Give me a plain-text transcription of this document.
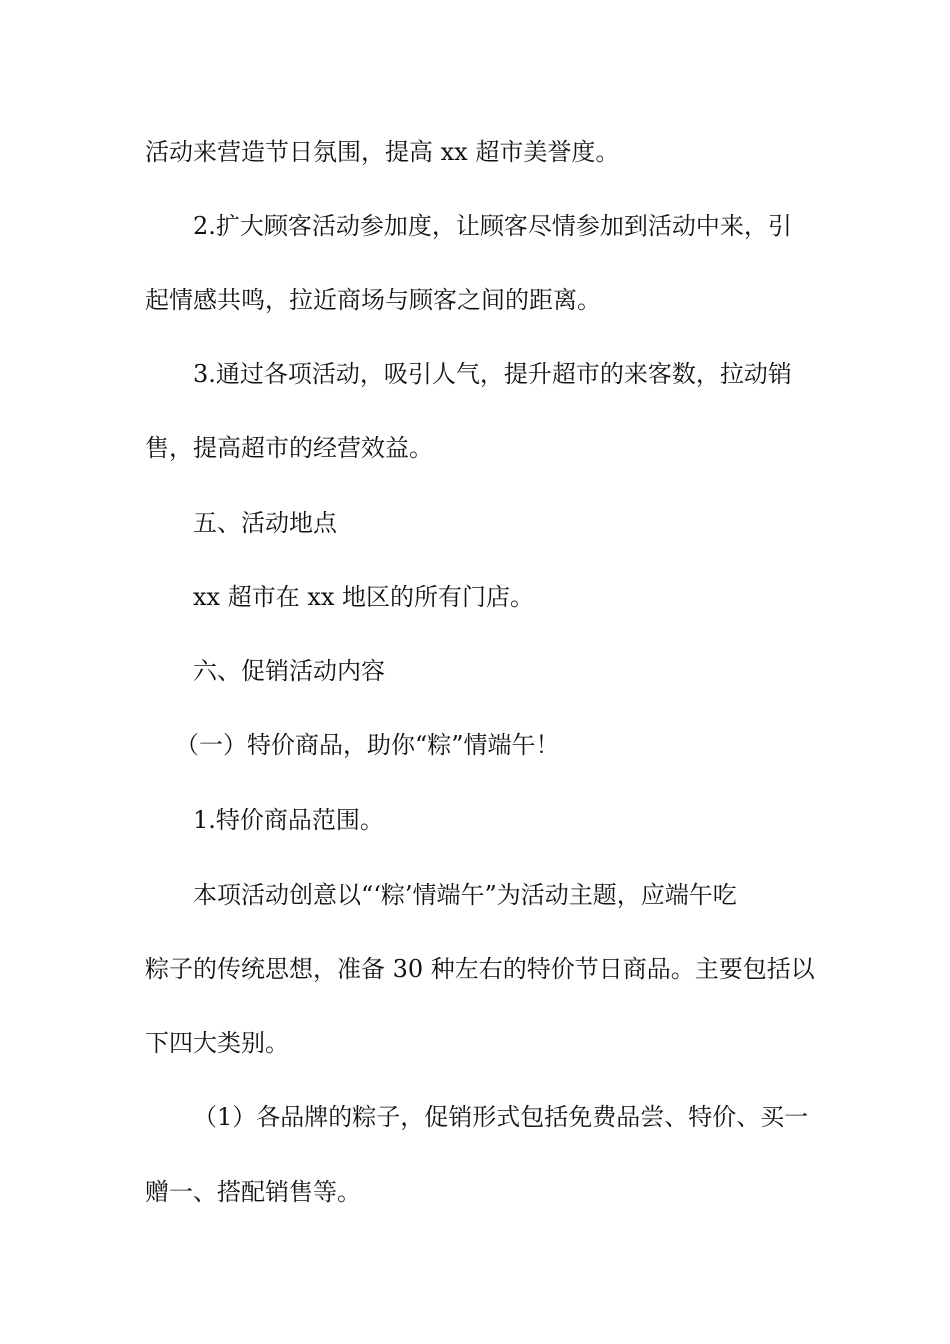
活动来营造节日氛围，提高 xx 超市美誉度。
2.扩大顾客活动参加度，让顾客尽情参加到活动中来，引
起情感共鸣，拉近商场与顾客之间的距离。
3.通过各项活动，吸引人气，提升超市的来客数，拉动销
售，提高超市的经营效益。
五、活动地点
xx 超市在 xx 地区的所有门店。
六、促销活动内容
（一）特价商品，助你“粽”情端午！
1.特价商品范围。
本项活动创意以“‘粽’情端午”为活动主题，应端午吃
粽子的传统思想，准备 30 种左右的特价节日商品。主要包括以
下四大类别。
（1）各品牌的粽子，促销形式包括免费品尝、特价、买一
赠一、搭配销售等。
